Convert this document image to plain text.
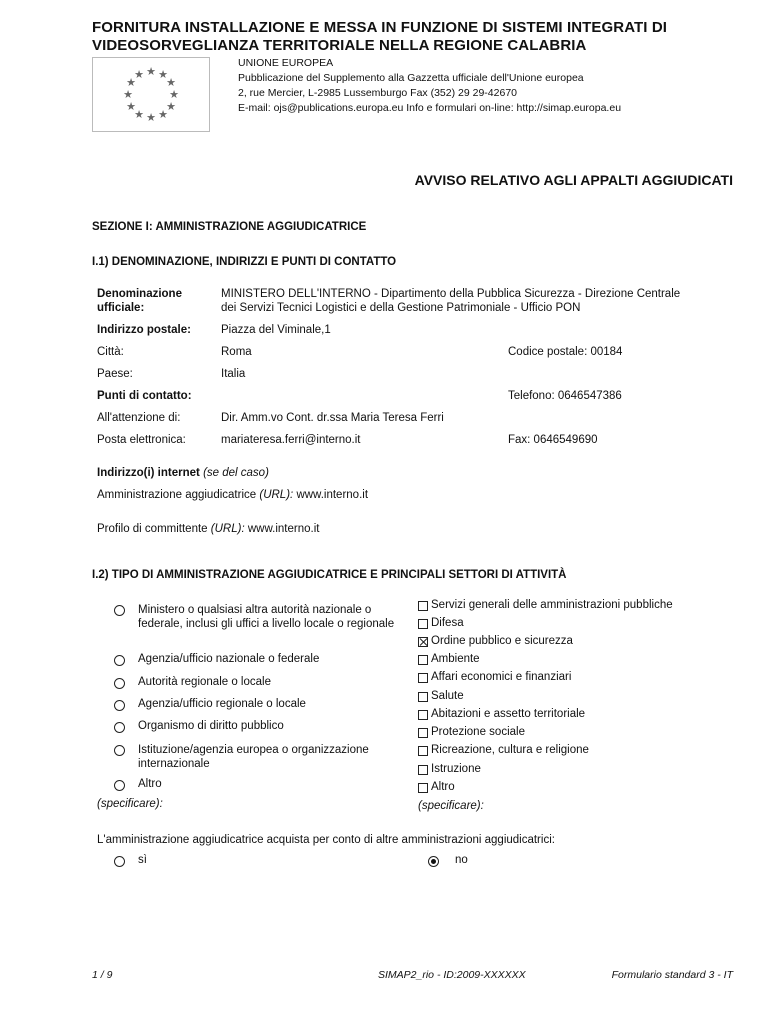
FORNITURA INSTALLAZIONE E MESSA IN FUNZIONE DI SISTEMI INTEGRATI DI VIDEOSORVEGLIANZA TERRITORIALE NELLA REGIONE CALABRIA
★ ★
★
★
★
★
★
★
★
★
★
★
UNIONE EUROPEA
Pubblicazione del Supplemento alla Gazzetta ufficiale dell'Unione europea
2, rue Mercier, L-2985 Lussemburgo Fax (352) 29 29-42670
E-mail: ojs@publications.europa.eu Info e formulari on-line: http://simap.europa.eu
AVVISO RELATIVO AGLI APPALTI AGGIUDICATI
SEZIONE I: AMMINISTRAZIONE AGGIUDICATRICE
I.1) DENOMINAZIONE, INDIRIZZI E PUNTI DI CONTATTO
Denominazione ufficiale:
MINISTERO DELL'INTERNO - Dipartimento della Pubblica Sicurezza - Direzione Centrale dei Servizi Tecnici Logistici e della Gestione Patrimoniale - Ufficio PON
Indirizzo postale:	Piazza del Viminale,1
Città:	Roma	Codice postale: 00184
Paese:	Italia
Punti di contatto:	Telefono: 0646547386
All'attenzione di:	Dir. Amm.vo Cont. dr.ssa Maria Teresa Ferri
Posta elettronica:	mariateresa.ferri@interno.it	Fax: 0646549690
Indirizzo(i) internet (se del caso)
Amministrazione aggiudicatrice (URL): www.interno.it
Profilo di committente (URL): www.interno.it
I.2) TIPO DI AMMINISTRAZIONE AGGIUDICATRICE E PRINCIPALI SETTORI DI ATTIVITÀ
Ministero o qualsiasi altra autorità nazionale o federale, inclusi gli uffici a livello locale o regionale
Agenzia/ufficio nazionale o federale
Autorità regionale o locale
Agenzia/ufficio regionale o locale
Organismo di diritto pubblico
Istituzione/agenzia europea o organizzazione internazionale
Altro
(specificare):
Servizi generali delle amministrazioni pubbliche
Difesa
Ordine pubblico e sicurezza
Ambiente
Affari economici e finanziari
Salute
Abitazioni e assetto territoriale
Protezione sociale
Ricreazione, cultura e religione
Istruzione
Altro
(specificare):
L'amministrazione aggiudicatrice acquista per conto di altre amministrazioni aggiudicatrici:
sì	no
1 / 9	SIMAP2_rio - ID:2009-XXXXXX	Formulario standard 3 - IT
